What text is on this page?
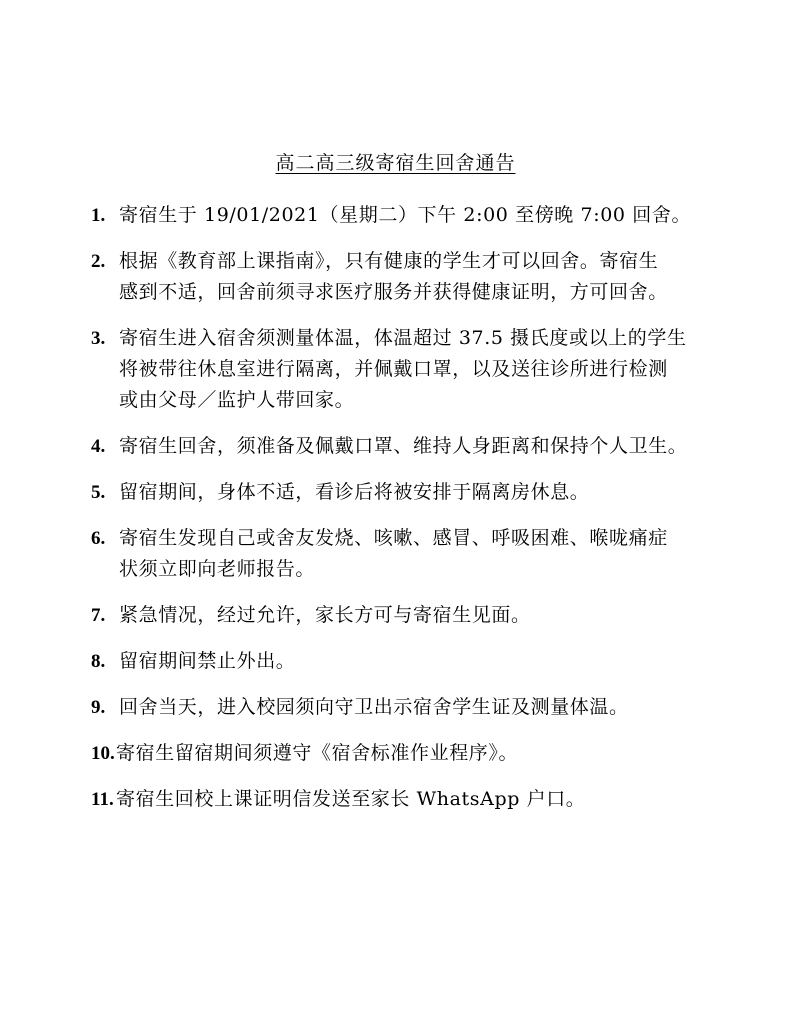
高二高三级寄宿生回舍通告
1. 寄宿生于 19/01/2021（星期二）下午 2:00 至傍晚 7:00 回舍。
2. 根据《教育部上课指南》，只有健康的学生才可以回舍。寄宿生
感到不适，回舍前须寻求医疗服务并获得健康证明，方可回舍。
3. 寄宿生进入宿舍须测量体温，体温超过 37.5 摄氏度或以上的学生
将被带往休息室进行隔离，并佩戴口罩，以及送往诊所进行检测
或由父母／监护人带回家。
4. 寄宿生回舍，须准备及佩戴口罩、维持人身距离和保持个人卫生。
5. 留宿期间，身体不适，看诊后将被安排于隔离房休息。
6. 寄宿生发现自己或舍友发烧、咳嗽、感冒、呼吸困难、喉咙痛症
状须立即向老师报告。
7. 紧急情况，经过允许，家长方可与寄宿生见面。
8. 留宿期间禁止外出。
9. 回舍当天，进入校园须向守卫出示宿舍学生证及测量体温。
10. 寄宿生留宿期间须遵守《宿舍标准作业程序》。
11. 寄宿生回校上课证明信发送至家长 WhatsApp 户口。
